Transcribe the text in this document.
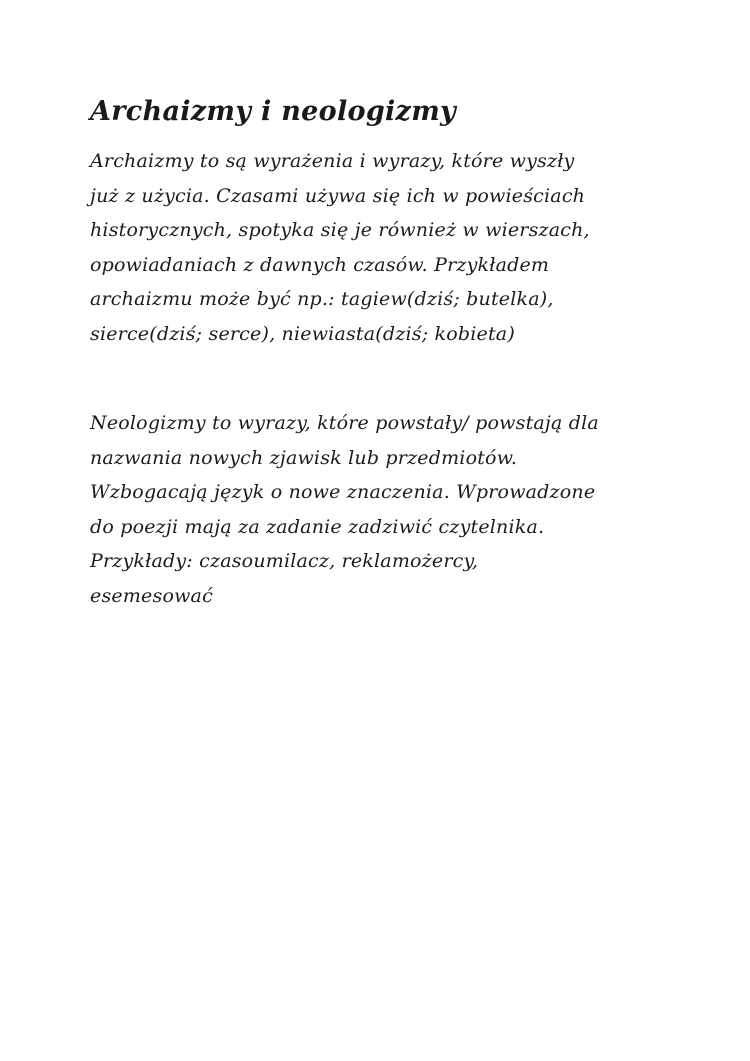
Archaizmy i neologizmy

Archaizmy to są wyrażenia i wyrazy, które wyszły
już z użycia. Czasami używa się ich w powieściach
historycznych, spotyka się je również w wierszach,
opowiadaniach z dawnych czasów. Przykładem
archaizmu może być np.: tagiew(dziś; butelka),
sierce(dziś; serce), niewiasta(dziś; kobieta)

Neologizmy to wyrazy, które powstały/ powstają dla
nazwania nowych zjawisk lub przedmiotów.
Wzbogacają język o nowe znaczenia. Wprowadzone
do poezji mają za zadanie zadziwić czytelnika.
Przykłady: czasoumilacz, reklamożercy,
esemesować
